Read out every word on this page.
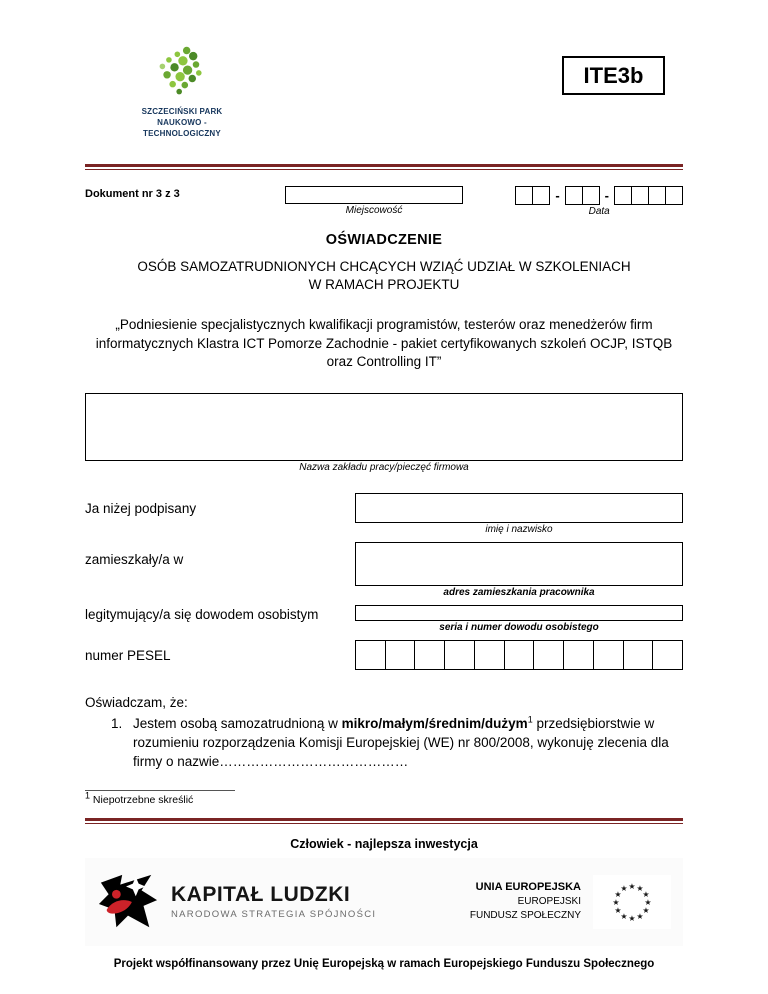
SZCZECIŃSKI PARK
NAUKOWO - TECHNOLOGICZNY
ITE3b
Dokument nr 3 z 3
Miejscowość
-	-
Data
OŚWIADCZENIE
OSÓB SAMOZATRUDNIONYCH CHCĄCYCH WZIĄĆ UDZIAŁ W SZKOLENIACH
W RAMACH PROJEKTU
„Podniesienie specjalistycznych kwalifikacji programistów, testerów oraz menedżerów firm informatycznych Klastra ICT Pomorze Zachodnie - pakiet certyfikowanych szkoleń OCJP, ISTQB oraz Controlling IT”
Nazwa zakładu pracy/pieczęć firmowa
Ja niżej podpisany
imię i nazwisko
zamieszkały/a w
adres zamieszkania pracownika
legitymujący/a się dowodem osobistym
seria i numer dowodu osobistego
numer PESEL
Oświadczam, że:
1. Jestem osobą samozatrudnioną w mikro/małym/średnim/dużym$^1$ przedsiębiorstwie w rozumieniu rozporządzenia Komisji Europejskiej (WE) nr 800/2008, wykonuję zlecenia dla firmy o nazwie……………………………………
$^1$ Niepotrzebne skreślić
Człowiek - najlepsza inwestycja
KAPITAŁ LUDZKI
NARODOWA STRATEGIA SPÓJNOŚCI
UNIA EUROPEJSKA
EUROPEJSKI
FUNDUSZ SPOŁECZNY
★ ★
★
★
★
★
★
★
★
★
★
★
Projekt współfinansowany przez Unię Europejską w ramach Europejskiego Funduszu Społecznego
